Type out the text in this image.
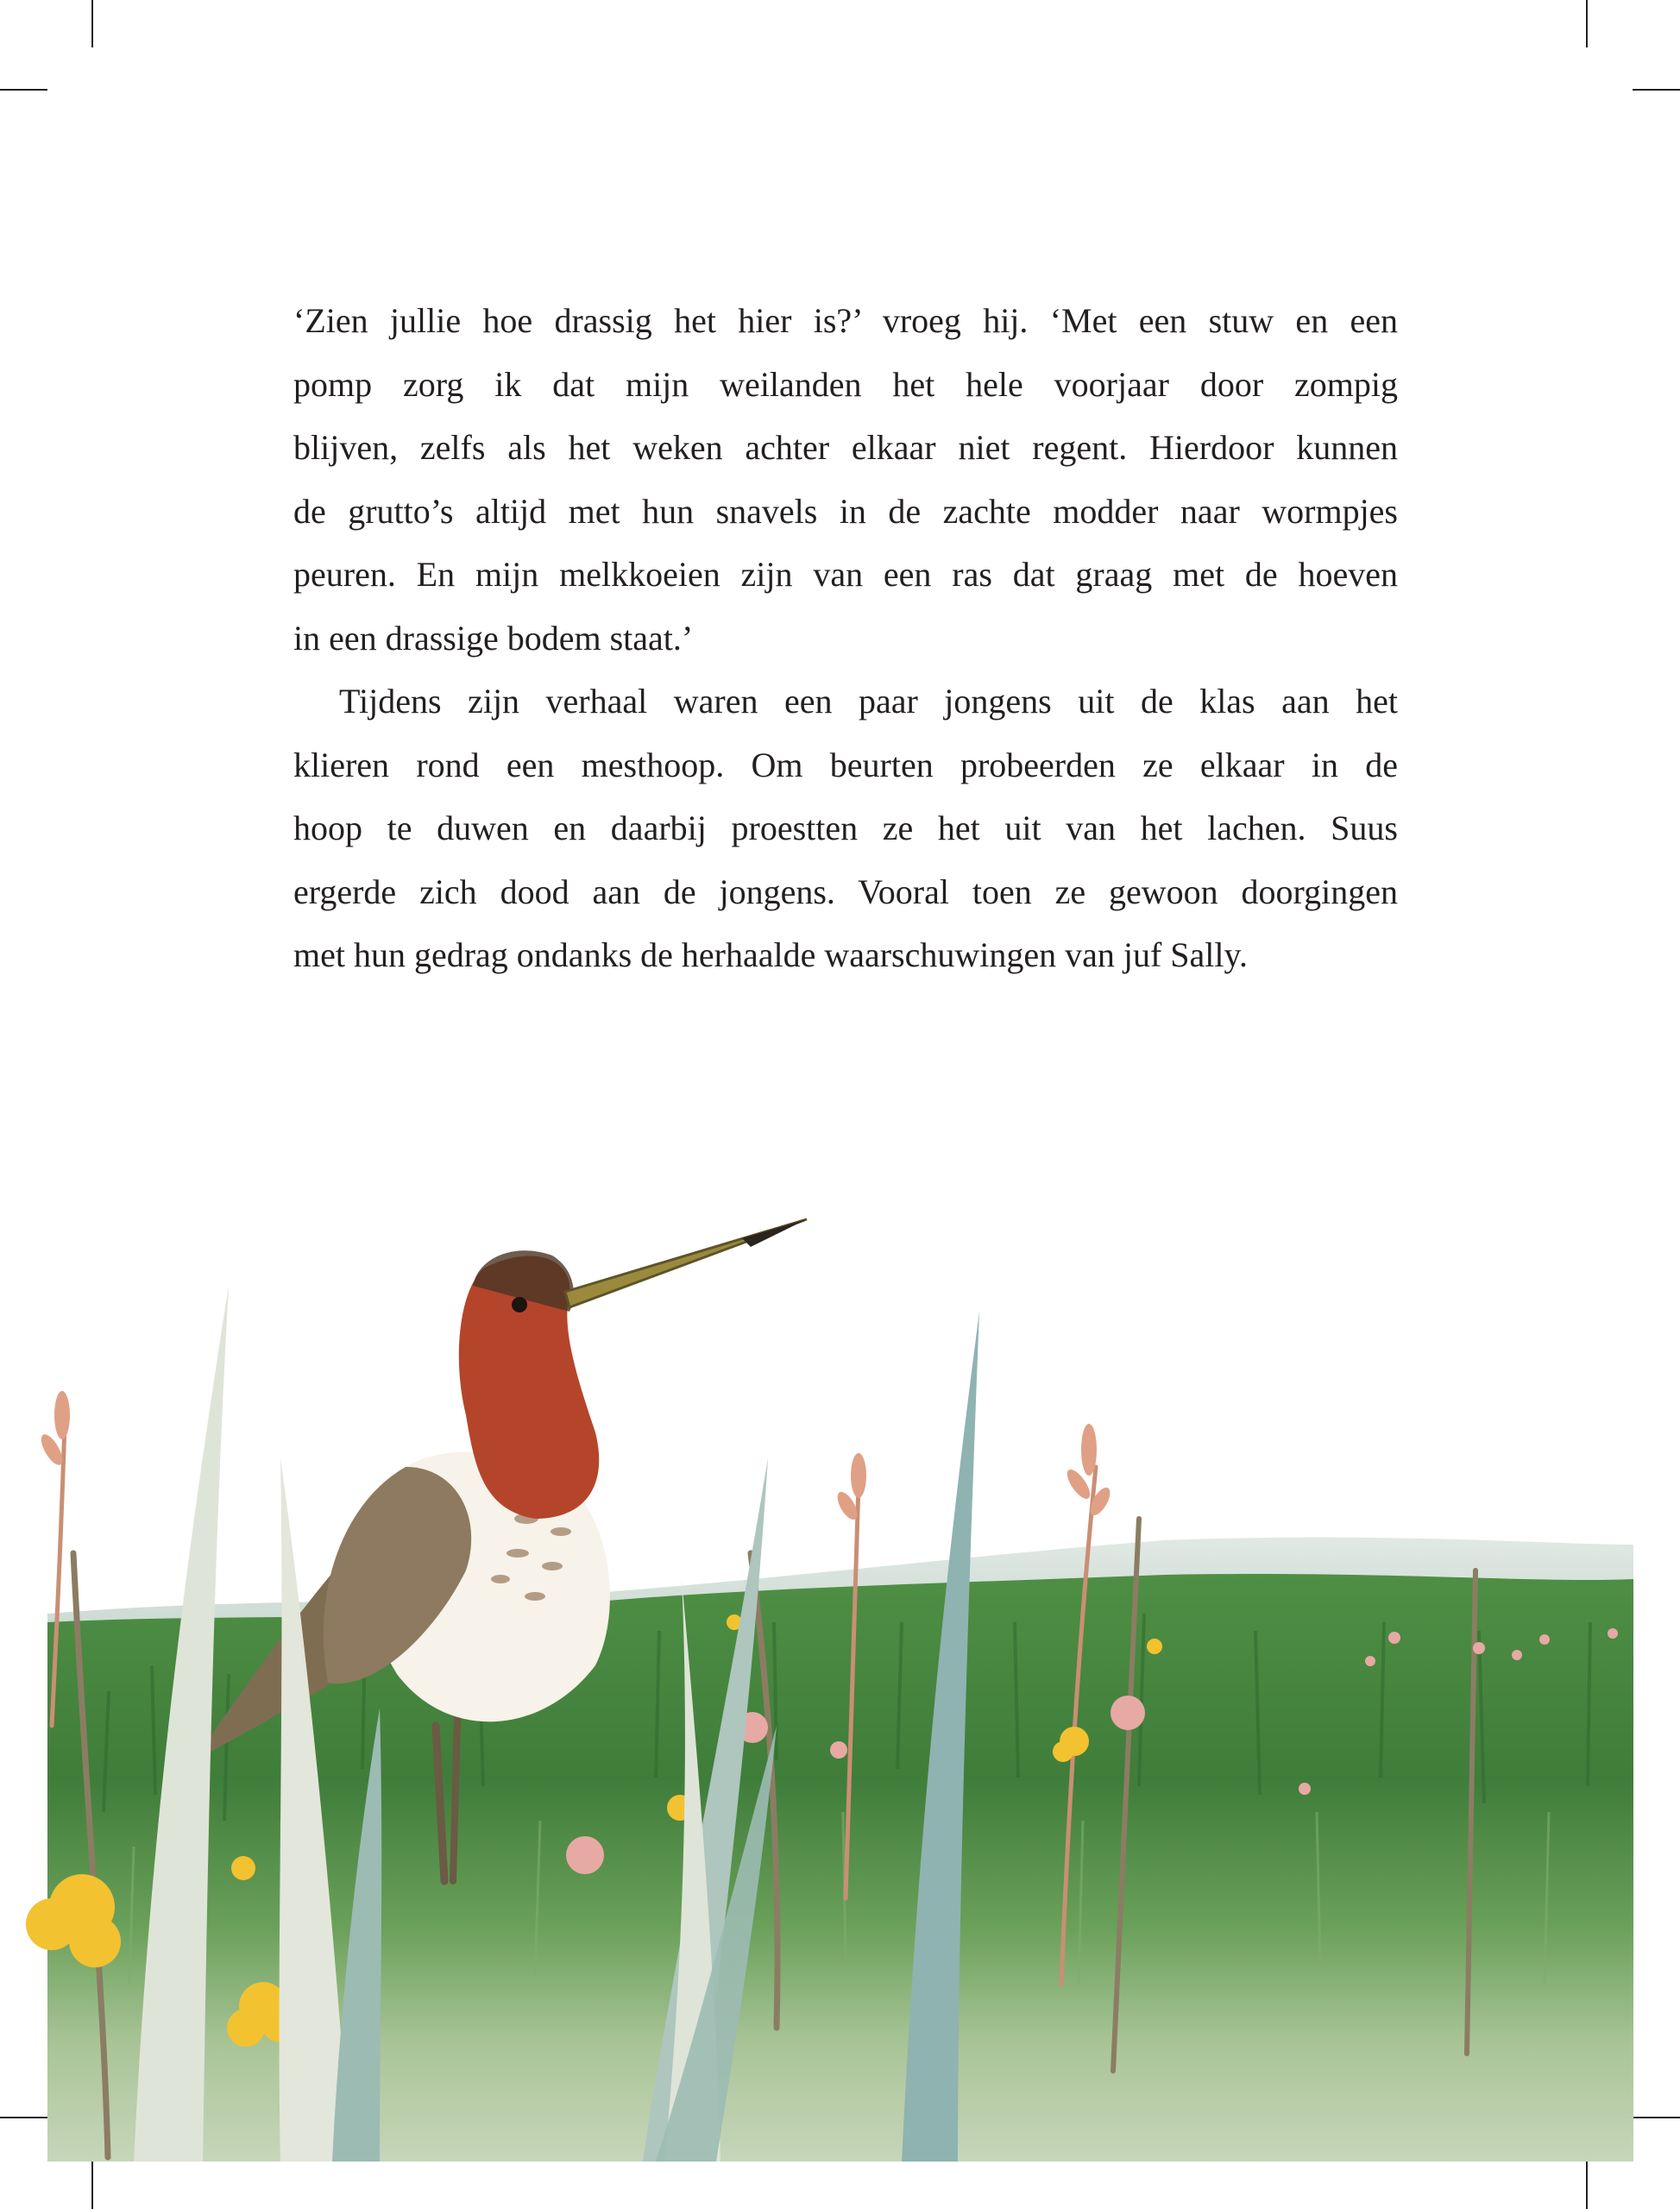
‘Zien jullie hoe drassig het hier is?’ vroeg hij. ‘Met een stuw en een
pomp zorg ik dat mijn weilanden het hele voorjaar door zompig
blijven, zelfs als het weken achter elkaar niet regent. Hierdoor kunnen
de grutto’s altijd met hun snavels in de zachte modder naar wormpjes
peuren. En mijn melkkoeien zijn van een ras dat graag met de hoeven
in een drassige bodem staat.’

Tijdens zijn verhaal waren een paar jongens uit de klas aan het
klieren rond een mesthoop. Om beurten probeerden ze elkaar in de
hoop te duwen en daarbij proestten ze het uit van het lachen. Suus
ergerde zich dood aan de jongens. Vooral toen ze gewoon doorgingen
met hun gedrag ondanks de herhaalde waarschuwingen van juf Sally.
